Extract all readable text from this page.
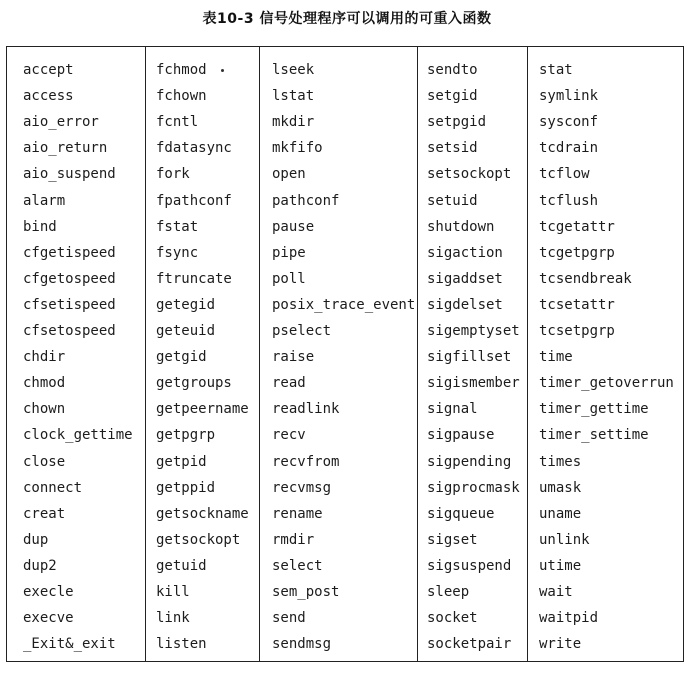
表10-3 信号处理程序可以调用的可重入函数
accept
access
aio_error
aio_return
aio_suspend
alarm
bind
cfgetispeed
cfgetospeed
cfsetispeed
cfsetospeed
chdir
chmod
chown
clock_gettime
close
connect
creat
dup
dup2
execle
execve
_Exit&_exit
fchmod
fchown
fcntl
fdatasync
fork
fpathconf
fstat
fsync
ftruncate
getegid
geteuid
getgid
getgroups
getpeername
getpgrp
getpid
getppid
getsockname
getsockopt
getuid
kill
link
listen
lseek
lstat
mkdir
mkfifo
open
pathconf
pause
pipe
poll
posix_trace_event
pselect
raise
read
readlink
recv
recvfrom
recvmsg
rename
rmdir
select
sem_post
send
sendmsg
sendto
setgid
setpgid
setsid
setsockopt
setuid
shutdown
sigaction
sigaddset
sigdelset
sigemptyset
sigfillset
sigismember
signal
sigpause
sigpending
sigprocmask
sigqueue
sigset
sigsuspend
sleep
socket
socketpair
stat
symlink
sysconf
tcdrain
tcflow
tcflush
tcgetattr
tcgetpgrp
tcsendbreak
tcsetattr
tcsetpgrp
time
timer_getoverrun
timer_gettime
timer_settime
times
umask
uname
unlink
utime
wait
waitpid
write
